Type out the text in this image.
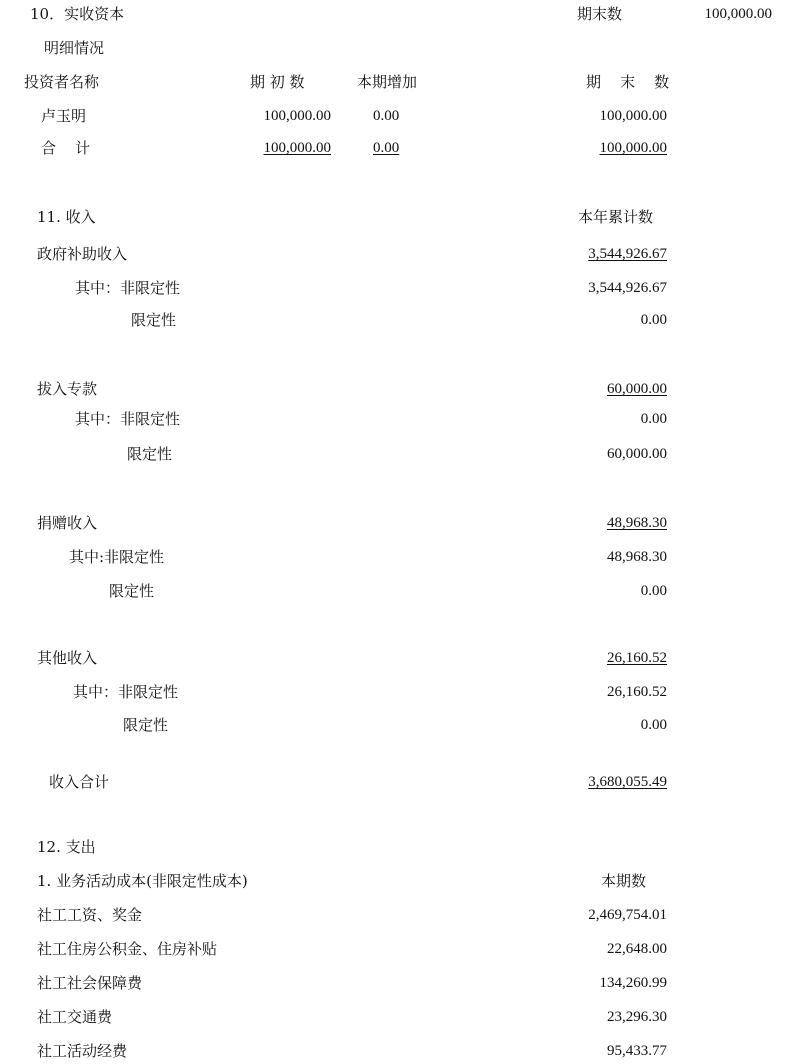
10．实收资本	期末数	100,000.00
明细情况
投资者名称	期 初 数	本期增加	期    末    数
卢玉明	100,000.00	0.00	100,000.00
合    计	100,000.00	0.00	100,000.00
11. 收入	本年累计数
政府补助收入	3,544,926.67
其中：非限定性	3,544,926.67
限定性	0.00
拔入专款	60,000.00
其中：非限定性	0.00
限定性	60,000.00
捐赠收入	48,968.30
其中:非限定性	48,968.30
限定性	0.00
其他收入	26,160.52
其中：非限定性	26,160.52
限定性	0.00
收入合计	3,680,055.49
12. 支出
1. 业务活动成本(非限定性成本)	本期数
社工工资、奖金	2,469,754.01
社工住房公积金、住房补贴	22,648.00
社工社会保障费	134,260.99
社工交通费	23,296.30
社工活动经费	95,433.77
